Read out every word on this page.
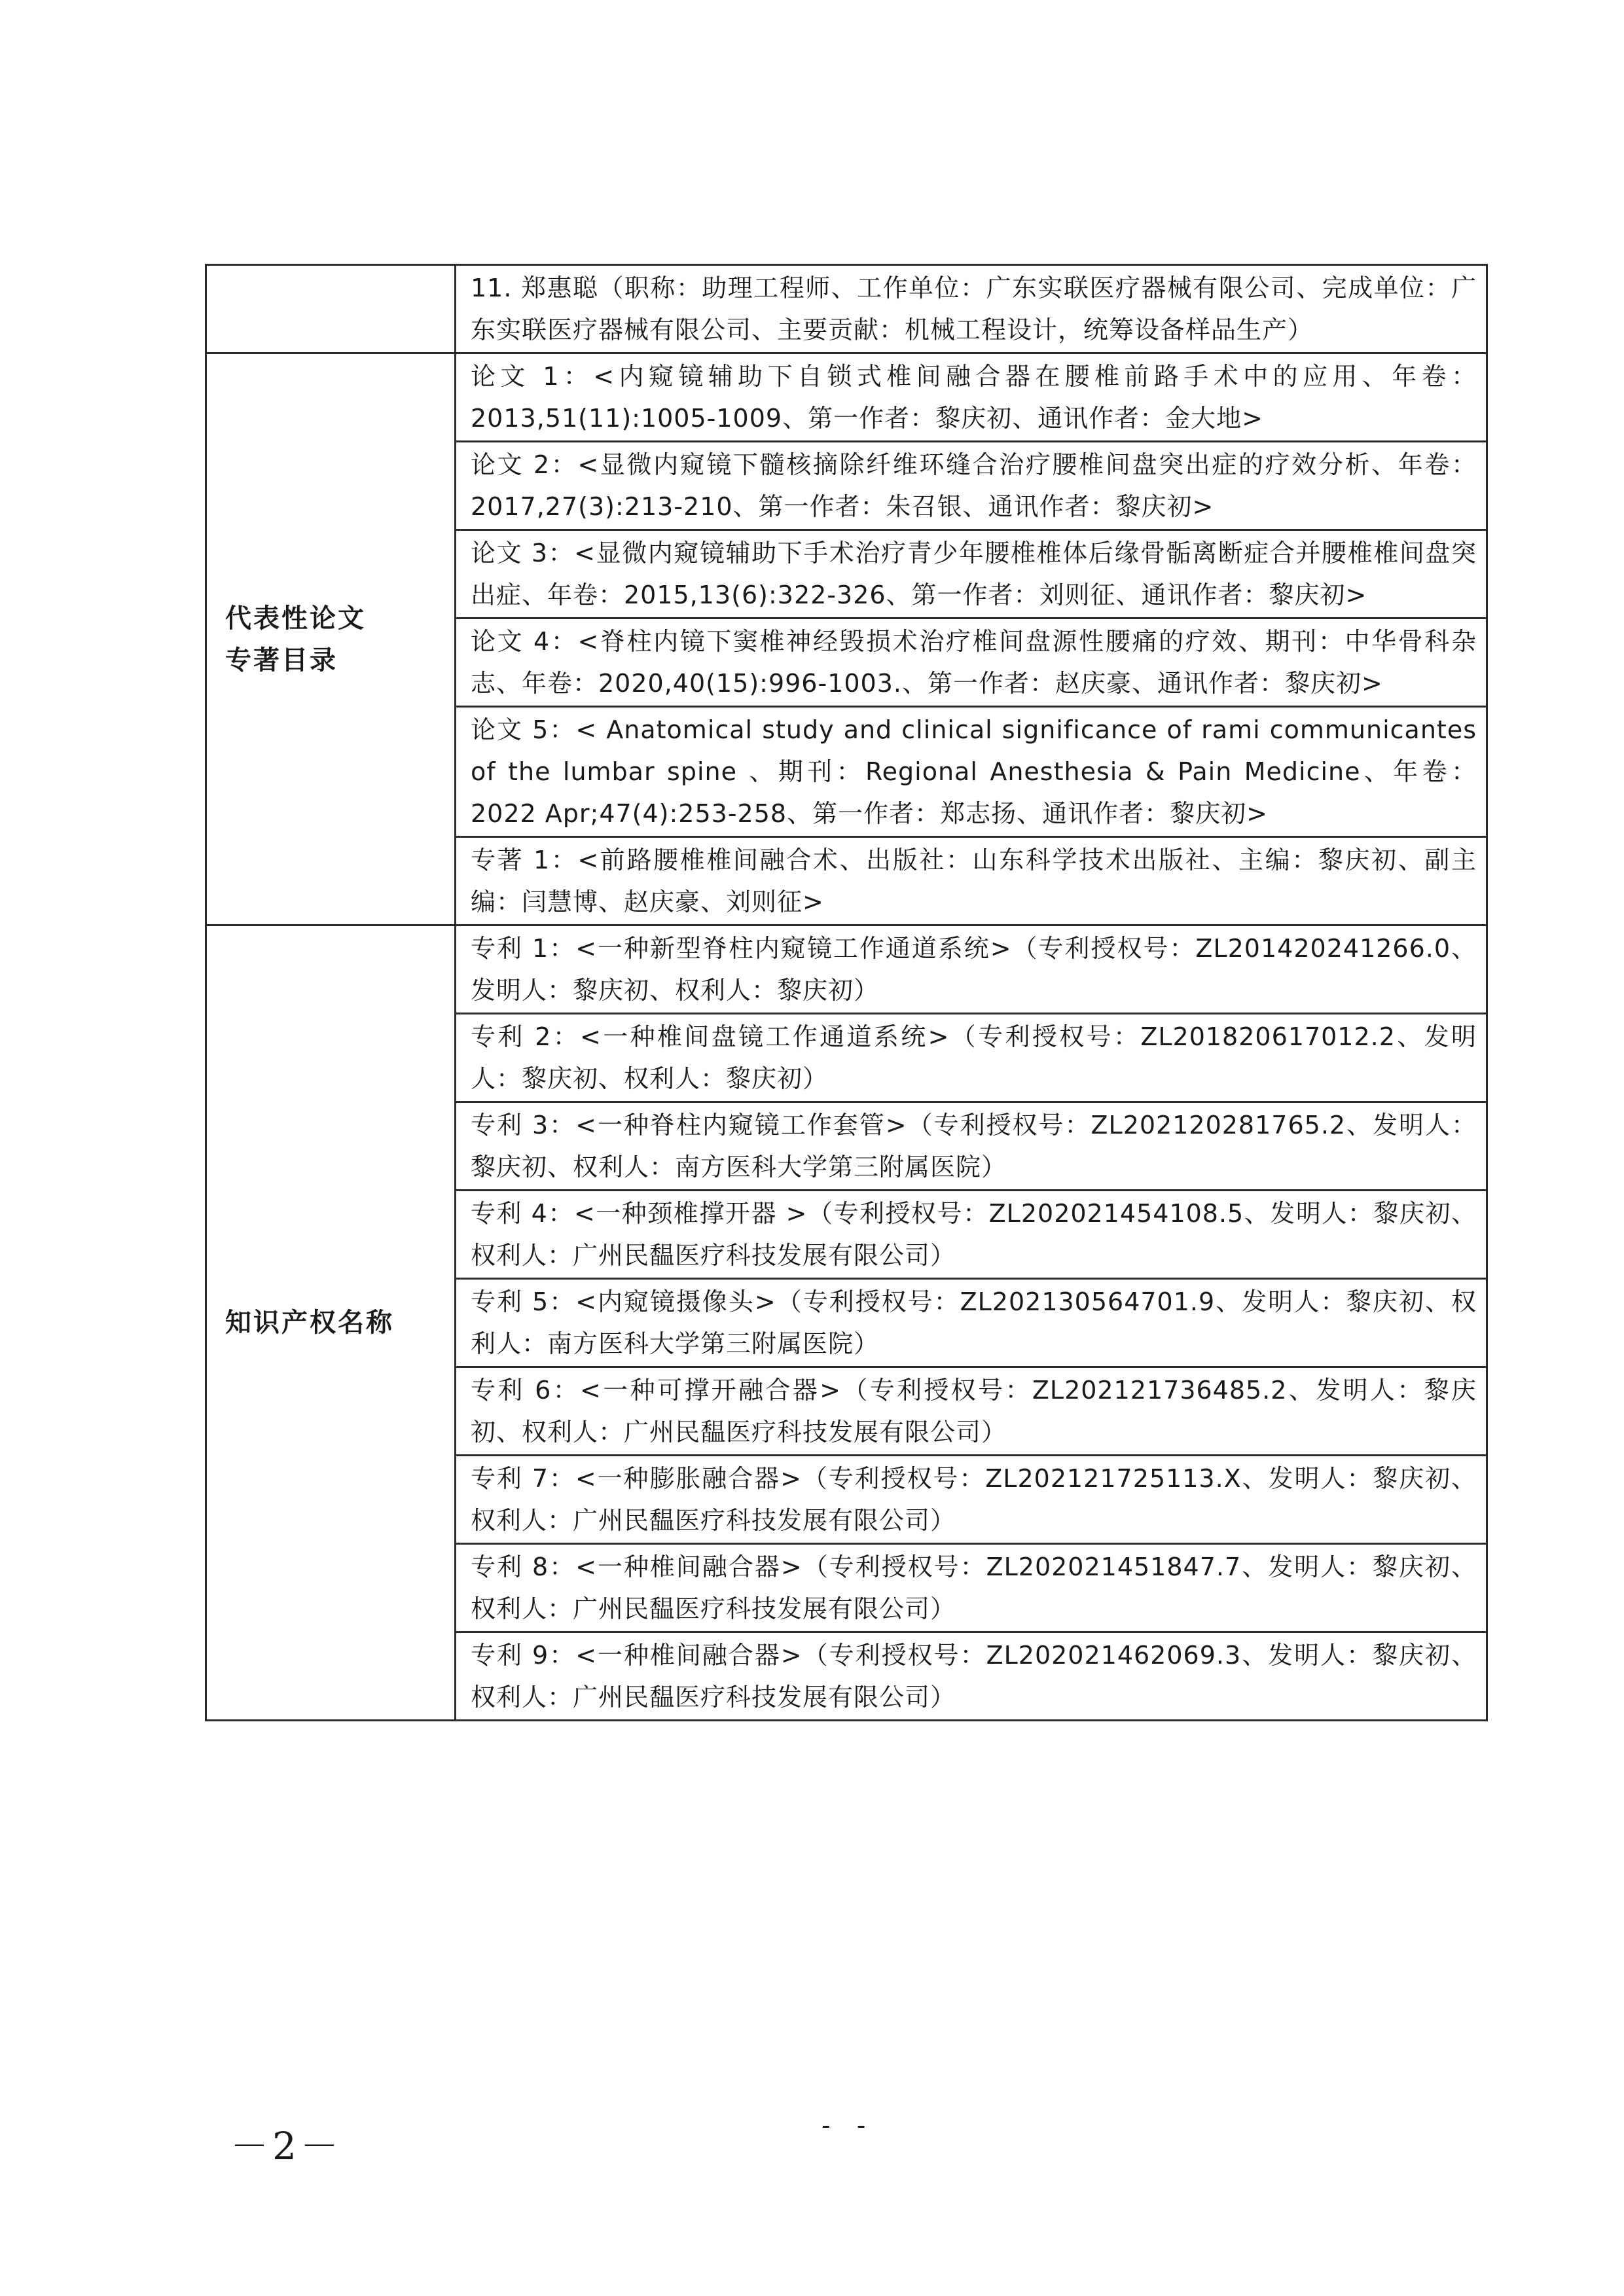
	11. 郑惠聪（职称：助理工程师、工作单位：广东实联医疗器械有限公司、完成单位：广东实联医疗器械有限公司、主要贡献：机械工程设计，统筹设备样品生产）

代表性论文
专著目录	论文 1：<内窥镜辅助下自锁式椎间融合器在腰椎前路手术中的应用、年卷：2013,51(11):1005-1009、第一作者：黎庆初、通讯作者：金大地>
	论文 2：<显微内窥镜下髓核摘除纤维环缝合治疗腰椎间盘突出症的疗效分析、年卷：2017,27(3):213-210、第一作者：朱召银、通讯作者：黎庆初>
	论文 3：<显微内窥镜辅助下手术治疗青少年腰椎椎体后缘骨骺离断症合并腰椎椎间盘突出症、年卷：2015,13(6):322-326、第一作者：刘则征、通讯作者：黎庆初>
	论文 4：<脊柱内镜下窦椎神经毁损术治疗椎间盘源性腰痛的疗效、期刊：中华骨科杂志、年卷：2020,40(15):996-1003.、第一作者：赵庆豪、通讯作者：黎庆初>
	论文 5：< Anatomical study and clinical significance of rami communicantes of the lumbar spine 、期刊：Regional Anesthesia & Pain Medicine、年卷：2022 Apr;47(4):253-258、第一作者：郑志扬、通讯作者：黎庆初>
	专著 1：<前路腰椎椎间融合术、出版社：山东科学技术出版社、主编：黎庆初、副主编：闫慧博、赵庆豪、刘则征>

知识产权名称	专利 1：<一种新型脊柱内窥镜工作通道系统>（专利授权号：ZL201420241266.0、发明人：黎庆初、权利人：黎庆初）
	专利 2：<一种椎间盘镜工作通道系统>（专利授权号：ZL201820617012.2、发明人：黎庆初、权利人：黎庆初）
	专利 3：<一种脊柱内窥镜工作套管>（专利授权号：ZL202120281765.2、发明人：黎庆初、权利人：南方医科大学第三附属医院）
	专利 4：<一种颈椎撑开器 >（专利授权号：ZL202021454108.5、发明人：黎庆初、权利人：广州民馧医疗科技发展有限公司）
	专利 5：<内窥镜摄像头>（专利授权号：ZL202130564701.9、发明人：黎庆初、权利人：南方医科大学第三附属医院）
	专利 6：<一种可撑开融合器>（专利授权号：ZL202121736485.2、发明人：黎庆初、权利人：广州民馧医疗科技发展有限公司）
	专利 7：<一种膨胀融合器>（专利授权号：ZL202121725113.X、发明人：黎庆初、权利人：广州民馧医疗科技发展有限公司）
	专利 8：<一种椎间融合器>（专利授权号：ZL202021451847.7、发明人：黎庆初、权利人：广州民馧医疗科技发展有限公司）
	专利 9：<一种椎间融合器>（专利授权号：ZL202021462069.3、发明人：黎庆初、权利人：广州民馧医疗科技发展有限公司）
－2－	- -
